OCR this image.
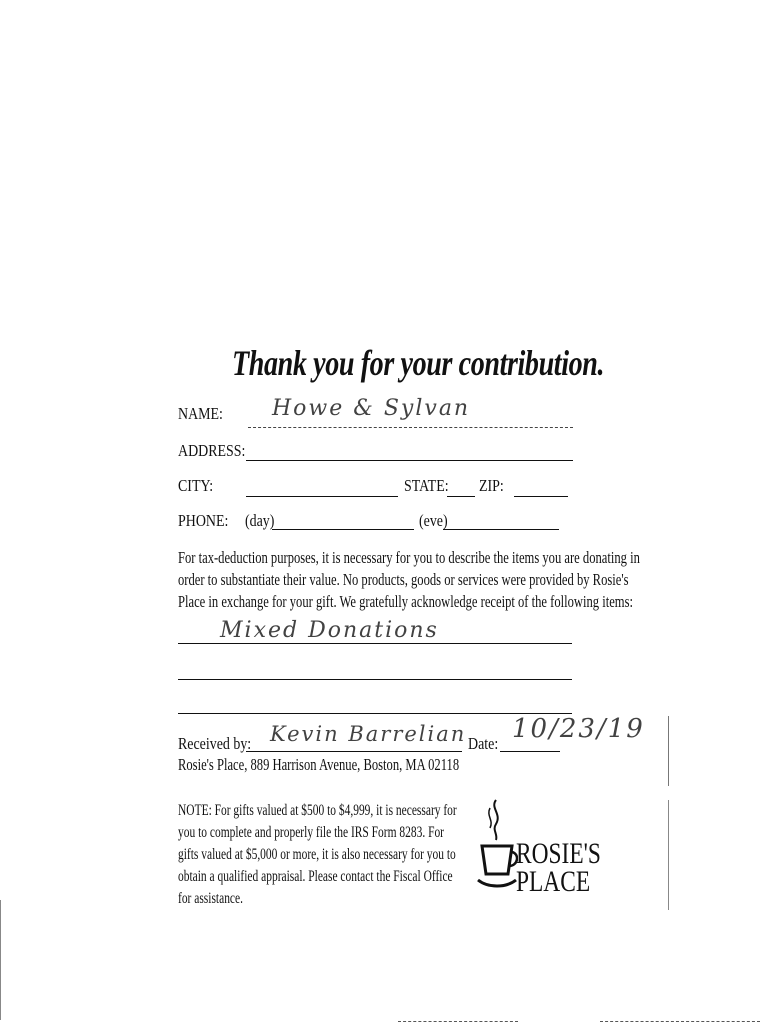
Thank you for your contribution.
NAME: Howe & Sylvan
ADDRESS:
CITY:	STATE: ZIP:
PHONE: (day)	(eve)
For tax-deduction purposes, it is necessary for you to describe the items you are donating in
order to substantiate their value. No products, goods or services were provided by Rosie's
Place in exchange for your gift. We gratefully acknowledge receipt of the following items:
Mixed Donations
Received by: Kevin Barrelian Date: 10/23/19
Rosie's Place, 889 Harrison Avenue, Boston, MA 02118
NOTE: For gifts valued at $500 to $4,999, it is necessary for
you to complete and properly file the IRS Form 8283. For
gifts valued at $5,000 or more, it is also necessary for you to
obtain a qualified appraisal. Please contact the Fiscal Office
for assistance.
ROSIE'S
PLACE
